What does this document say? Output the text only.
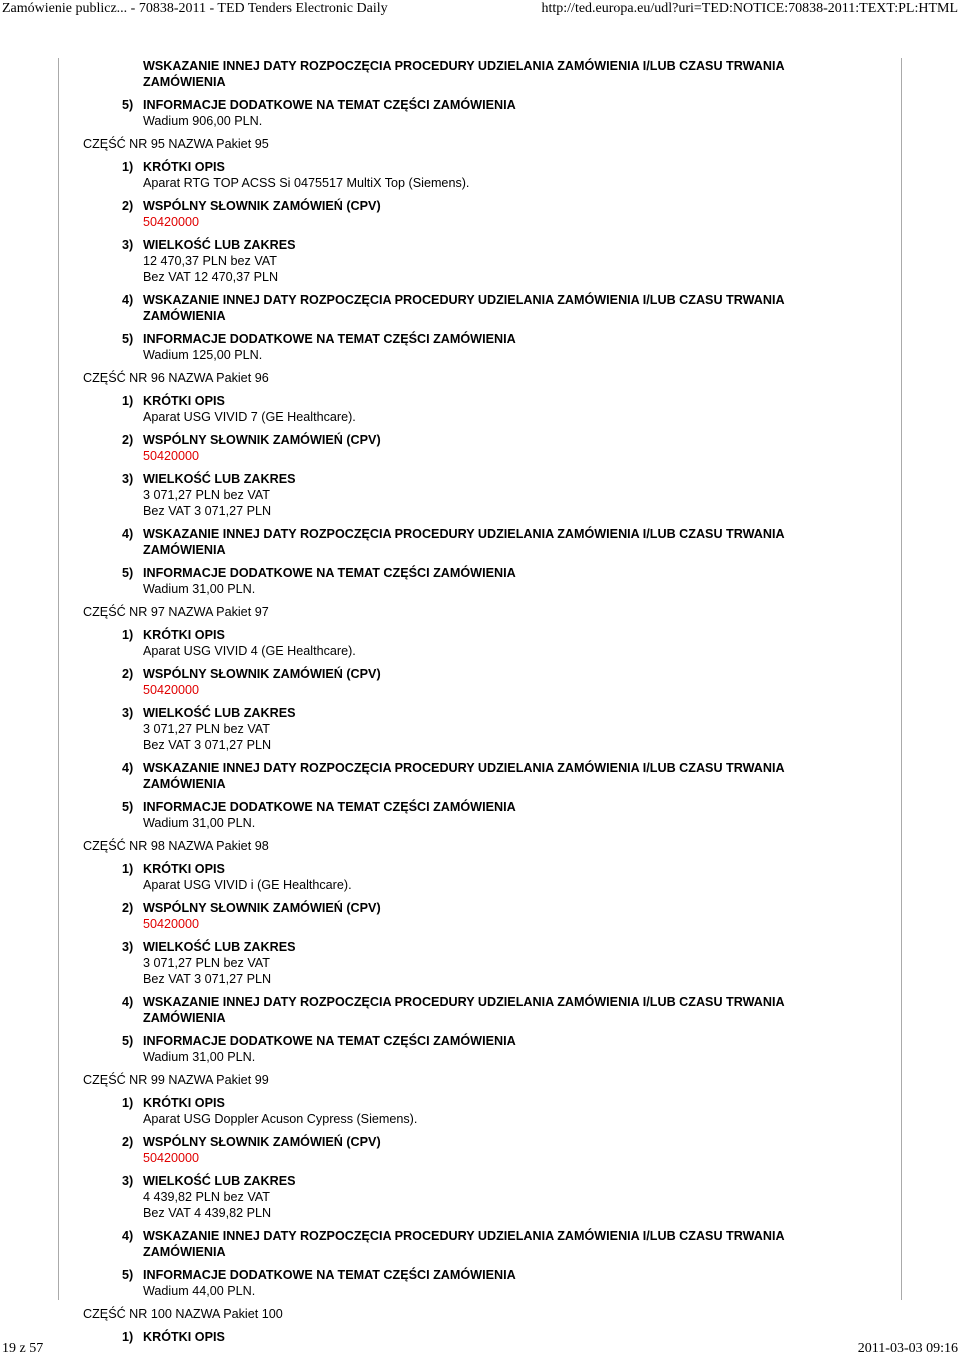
Zamówienie publicz... - 70838-2011 - TED Tenders Electronic Daily	http://ted.europa.eu/udl?uri=TED:NOTICE:70838-2011:TEXT:PL:HTML
WSKAZANIE INNEJ DATY ROZPOCZĘCIA PROCEDURY UDZIELANIA ZAMÓWIENIA I/LUB CZASU TRWANIA
ZAMÓWIENIA
5) INFORMACJE DODATKOWE NA TEMAT CZĘŚCI ZAMÓWIENIA
Wadium 906,00 PLN.
CZĘŚĆ NR 95 NAZWA Pakiet 95
1) KRÓTKI OPIS
Aparat RTG TOP ACSS Si 0475517 MultiX Top (Siemens).
2) WSPÓLNY SŁOWNIK ZAMÓWIEŃ (CPV)
50420000
3) WIELKOŚĆ LUB ZAKRES
12 470,37 PLN bez VAT
Bez VAT 12 470,37 PLN
4) WSKAZANIE INNEJ DATY ROZPOCZĘCIA PROCEDURY UDZIELANIA ZAMÓWIENIA I/LUB CZASU TRWANIA
ZAMÓWIENIA
5) INFORMACJE DODATKOWE NA TEMAT CZĘŚCI ZAMÓWIENIA
Wadium 125,00 PLN.
CZĘŚĆ NR 96 NAZWA Pakiet 96
1) KRÓTKI OPIS
Aparat USG VIVID 7 (GE Healthcare).
2) WSPÓLNY SŁOWNIK ZAMÓWIEŃ (CPV)
50420000
3) WIELKOŚĆ LUB ZAKRES
3 071,27 PLN bez VAT
Bez VAT 3 071,27 PLN
4) WSKAZANIE INNEJ DATY ROZPOCZĘCIA PROCEDURY UDZIELANIA ZAMÓWIENIA I/LUB CZASU TRWANIA
ZAMÓWIENIA
5) INFORMACJE DODATKOWE NA TEMAT CZĘŚCI ZAMÓWIENIA
Wadium 31,00 PLN.
CZĘŚĆ NR 97 NAZWA Pakiet 97
1) KRÓTKI OPIS
Aparat USG VIVID 4 (GE Healthcare).
2) WSPÓLNY SŁOWNIK ZAMÓWIEŃ (CPV)
50420000
3) WIELKOŚĆ LUB ZAKRES
3 071,27 PLN bez VAT
Bez VAT 3 071,27 PLN
4) WSKAZANIE INNEJ DATY ROZPOCZĘCIA PROCEDURY UDZIELANIA ZAMÓWIENIA I/LUB CZASU TRWANIA
ZAMÓWIENIA
5) INFORMACJE DODATKOWE NA TEMAT CZĘŚCI ZAMÓWIENIA
Wadium 31,00 PLN.
CZĘŚĆ NR 98 NAZWA Pakiet 98
1) KRÓTKI OPIS
Aparat USG VIVID i (GE Healthcare).
2) WSPÓLNY SŁOWNIK ZAMÓWIEŃ (CPV)
50420000
3) WIELKOŚĆ LUB ZAKRES
3 071,27 PLN bez VAT
Bez VAT 3 071,27 PLN
4) WSKAZANIE INNEJ DATY ROZPOCZĘCIA PROCEDURY UDZIELANIA ZAMÓWIENIA I/LUB CZASU TRWANIA
ZAMÓWIENIA
5) INFORMACJE DODATKOWE NA TEMAT CZĘŚCI ZAMÓWIENIA
Wadium 31,00 PLN.
CZĘŚĆ NR 99 NAZWA Pakiet 99
1) KRÓTKI OPIS
Aparat USG Doppler Acuson Cypress (Siemens).
2) WSPÓLNY SŁOWNIK ZAMÓWIEŃ (CPV)
50420000
3) WIELKOŚĆ LUB ZAKRES
4 439,82 PLN bez VAT
Bez VAT 4 439,82 PLN
4) WSKAZANIE INNEJ DATY ROZPOCZĘCIA PROCEDURY UDZIELANIA ZAMÓWIENIA I/LUB CZASU TRWANIA
ZAMÓWIENIA
5) INFORMACJE DODATKOWE NA TEMAT CZĘŚCI ZAMÓWIENIA
Wadium 44,00 PLN.
CZĘŚĆ NR 100 NAZWA Pakiet 100
1) KRÓTKI OPIS
19 z 57	2011-03-03 09:16
